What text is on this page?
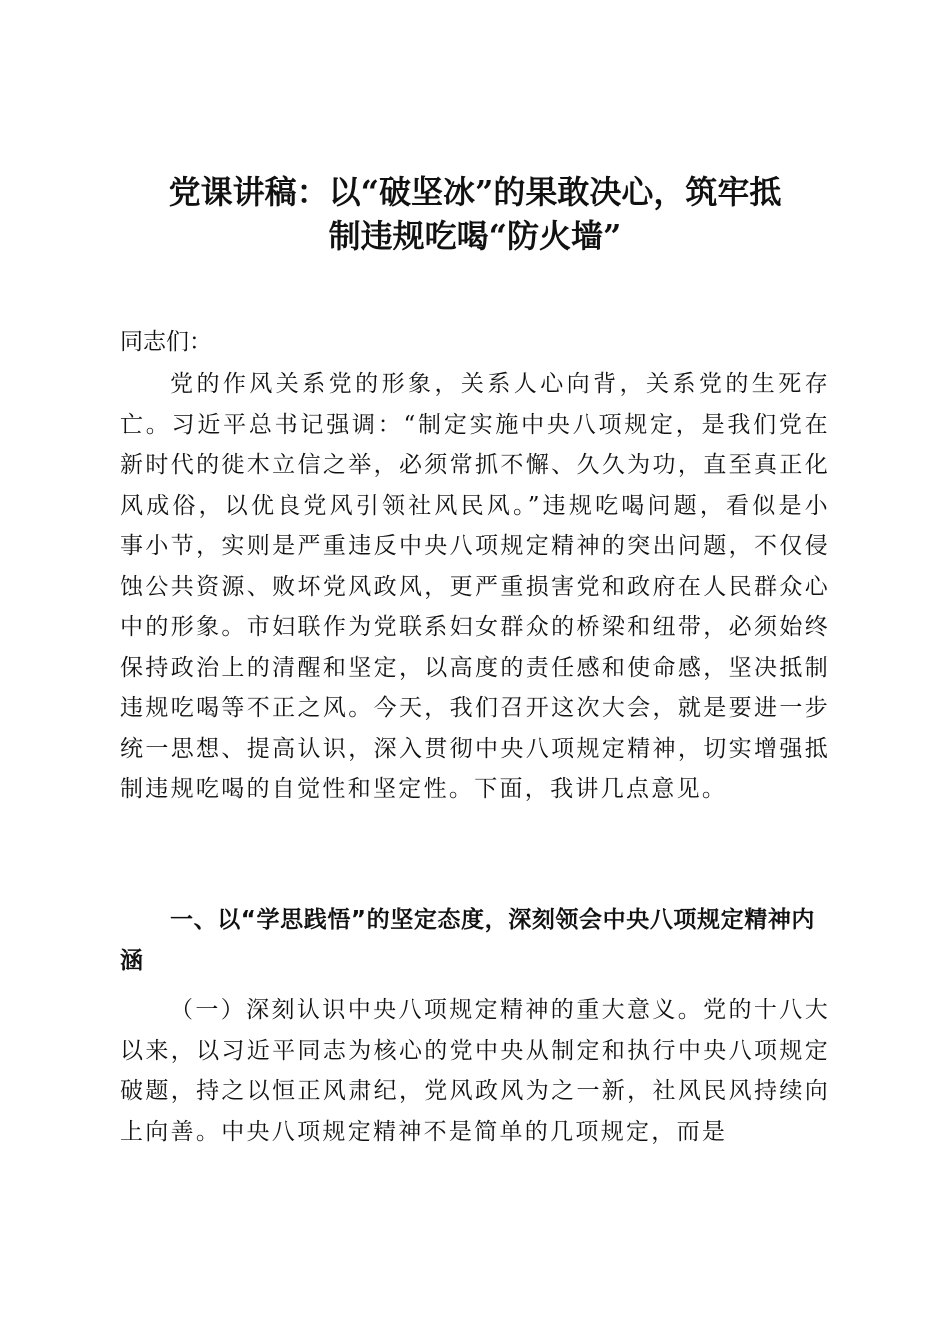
党课讲稿：以“破坚冰”的果敢决心，筑牢抵
制违规吃喝“防火墙”

同志们：

党的作风关系党的形象，关系人心向背，关系党的生死存亡。习近平总书记强调：“制定实施中央八项规定，是我们党在新时代的徙木立信之举，必须常抓不懈、久久为功，直至真正化风成俗，以优良党风引领社风民风。”违规吃喝问题，看似是小事小节，实则是严重违反中央八项规定精神的突出问题，不仅侵蚀公共资源、败坏党风政风，更严重损害党和政府在人民群众心中的形象。市妇联作为党联系妇女群众的桥梁和纽带，必须始终保持政治上的清醒和坚定，以高度的责任感和使命感，坚决抵制违规吃喝等不正之风。今天，我们召开这次大会，就是要进一步统一思想、提高认识，深入贯彻中央八项规定精神，切实增强抵制违规吃喝的自觉性和坚定性。下面，我讲几点意见。

一、以“学思践悟”的坚定态度，深刻领会中央八项规定精神内涵

（一）深刻认识中央八项规定精神的重大意义。党的十八大以来，以习近平同志为核心的党中央从制定和执行中央八项规定破题，持之以恒正风肃纪，党风政风为之一新，社风民风持续向上向善。中央八项规定精神不是简单的几项规定，而是
